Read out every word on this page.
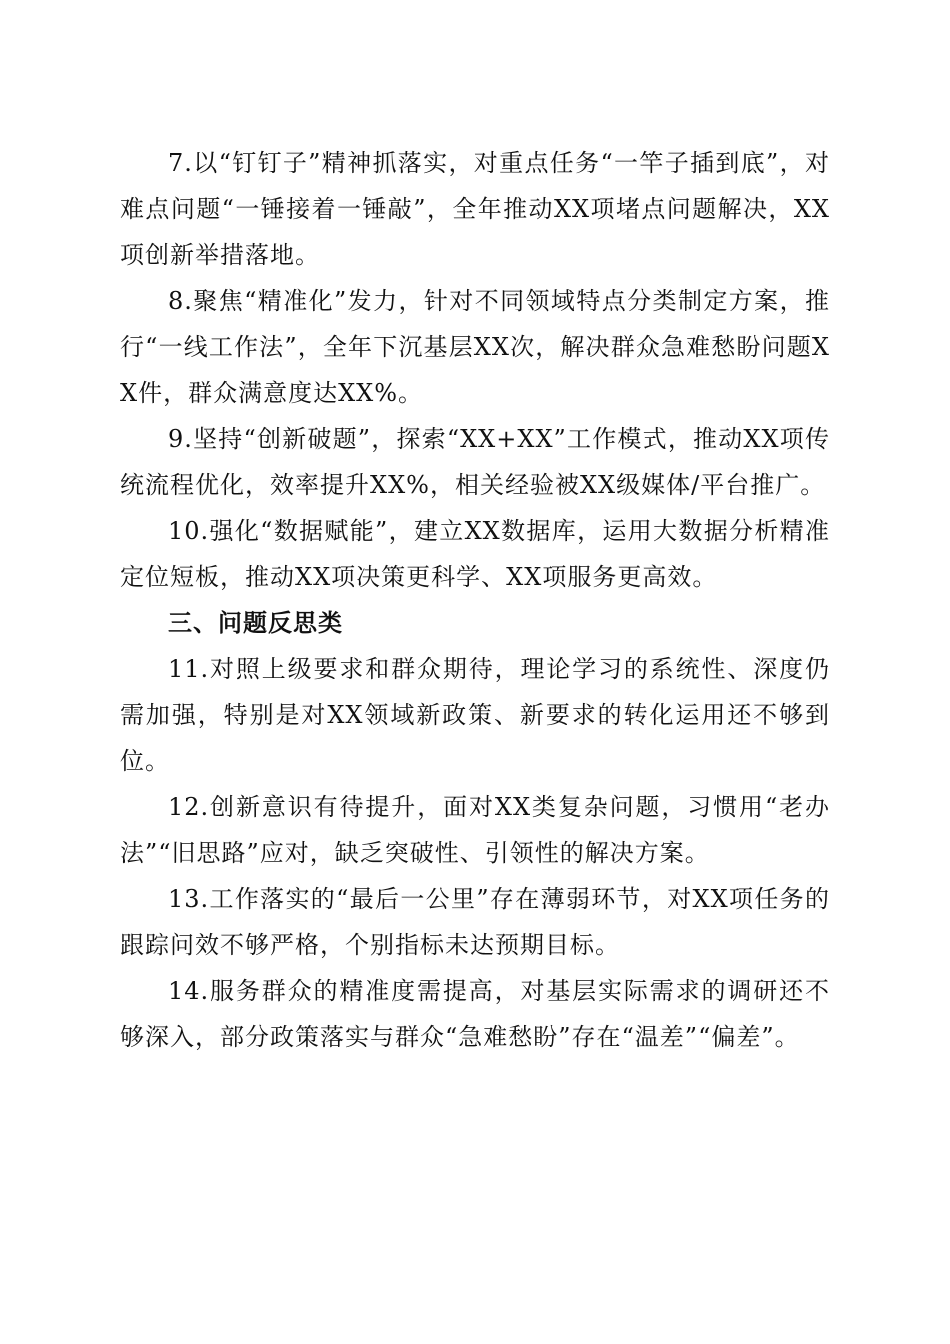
7.以“钉钉子”精神抓落实，对重点任务“一竿子插到底”，对难点问题“一锤接着一锤敲”，全年推动XX项堵点问题解决，XX项创新举措落地。

8.聚焦“精准化”发力，针对不同领域特点分类制定方案，推行“一线工作法”，全年下沉基层XX次，解决群众急难愁盼问题XX件，群众满意度达XX%。

9.坚持“创新破题”，探索“XX+XX”工作模式，推动XX项传统流程优化，效率提升XX%，相关经验被XX级媒体/平台推广。

10.强化“数据赋能”，建立XX数据库，运用大数据分析精准定位短板，推动XX项决策更科学、XX项服务更高效。

三、问题反思类

11.对照上级要求和群众期待，理论学习的系统性、深度仍需加强，特别是对XX领域新政策、新要求的转化运用还不够到位。

12.创新意识有待提升，面对XX类复杂问题，习惯用“老办法”“旧思路”应对，缺乏突破性、引领性的解决方案。

13.工作落实的“最后一公里”存在薄弱环节，对XX项任务的跟踪问效不够严格，个别指标未达预期目标。

14.服务群众的精准度需提高，对基层实际需求的调研还不够深入，部分政策落实与群众“急难愁盼”存在“温差”“偏差”。
